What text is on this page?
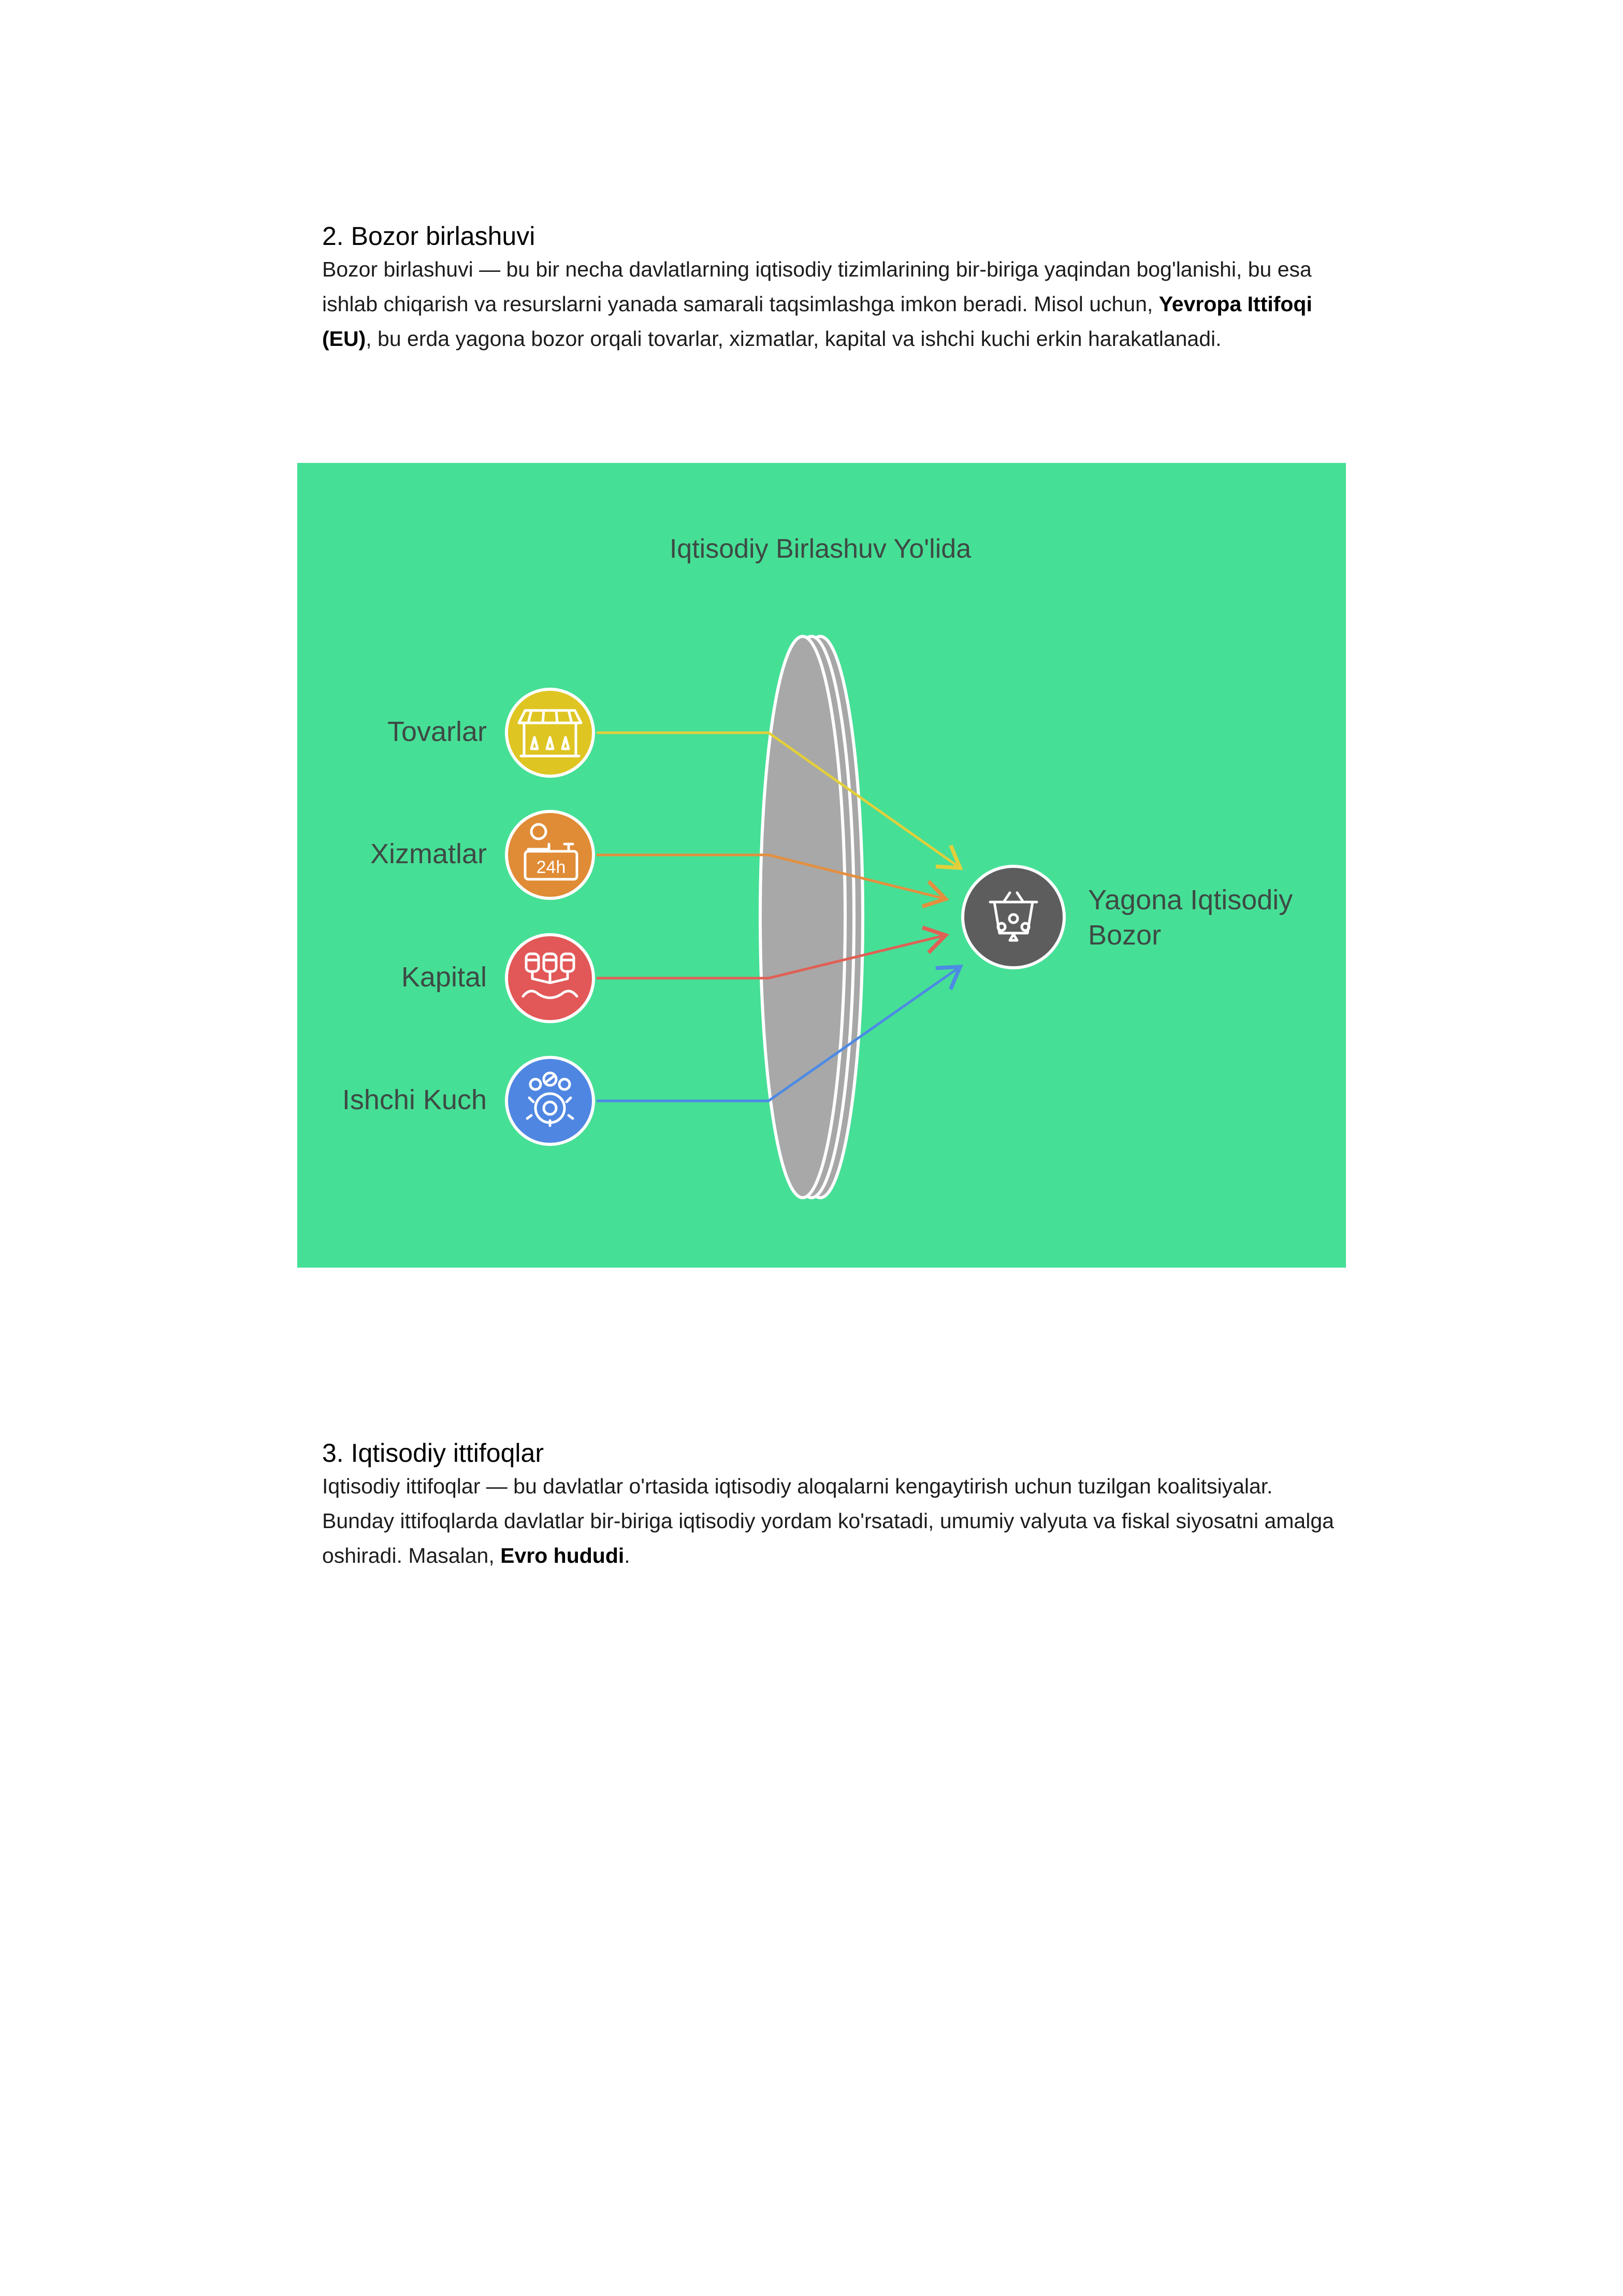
2. Bozor birlashuvi

Bozor birlashuvi — bu bir necha davlatlarning iqtisodiy tizimlarining bir-biriga yaqindan bog'lanishi, bu esa ishlab chiqarish va resurslarni yanada samarali taqsimlashga imkon beradi. Misol uchun, Yevropa Ittifoqi (EU), bu erda yagona bozor orqali tovarlar, xizmatlar, kapital va ishchi kuchi erkin harakatlanadi.

Iqtisodiy Birlashuv Yo'lida
Tovarlar
Xizmatlar
Kapital
Ishchi Kuch
24h
Yagona Iqtisodiy Bozor
3. Iqtisodiy ittifoqlar

Iqtisodiy ittifoqlar — bu davlatlar o'rtasida iqtisodiy aloqalarni kengaytirish uchun tuzilgan koalitsiyalar. Bunday ittifoqlarda davlatlar bir-biriga iqtisodiy yordam ko'rsatadi, umumiy valyuta va fiskal siyosatni amalga oshiradi. Masalan, Evro hududi.
